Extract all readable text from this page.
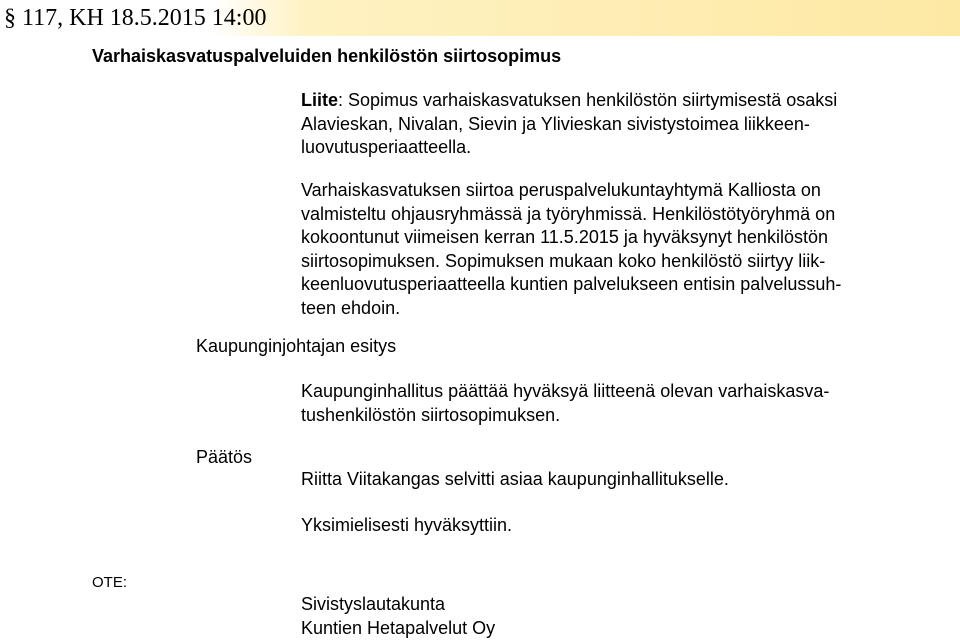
§ 117, KH 18.5.2015 14:00
Varhaiskasvatuspalveluiden henkilöstön siirtosopimus
Liite: Sopimus varhaiskasvatuksen henkilöstön siirtymisestä osaksi
Alavieskan, Nivalan, Sievin ja Ylivieskan sivistystoimea liikkeen-
luovutusperiaatteella.
Varhaiskasvatuksen siirtoa peruspalvelukuntayhtymä Kalliosta on
valmisteltu ohjausryhmässä ja työryhmissä. Henkilöstötyöryhmä on
kokoontunut viimeisen kerran 11.5.2015 ja hyväksynyt henkilöstön
siirtosopimuksen. Sopimuksen mukaan koko henkilöstö siirtyy liik-
keenluovutusperiaatteella kuntien palvelukseen entisin palvelussuh-
teen ehdoin.
Kaupunginjohtajan esitys
Kaupunginhallitus päättää hyväksyä liitteenä olevan varhaiskasva-
tushenkilöstön siirtosopimuksen.
Päätös
Riitta Viitakangas selvitti asiaa kaupunginhallitukselle.
Yksimielisesti hyväksyttiin.
OTE:
Sivistyslautakunta
Kuntien Hetapalvelut Oy
